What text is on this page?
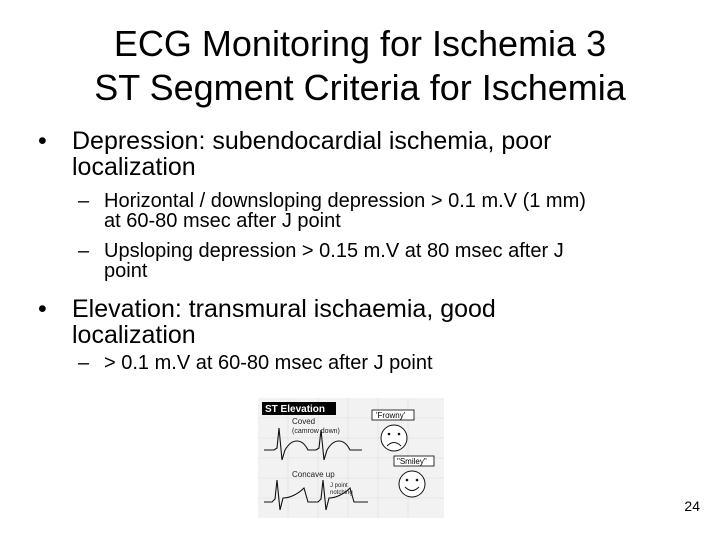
ECG Monitoring for Ischemia 3
ST Segment Criteria for Ischemia
• Depression: subendocardial ischemia, poor
localization
– Horizontal / downsloping depression > 0.1 m.V (1 mm)
at 60-80 msec after J point
– Upsloping depression > 0.15 m.V at 80 msec after J
point
• Elevation: transmural ischaemia, good
localization
– > 0.1 m.V at 60-80 msec after J point
ST Elevation
Coved
(camrow down)
'Frowny'
Concave up
"Smiley"
J point
notching
24
